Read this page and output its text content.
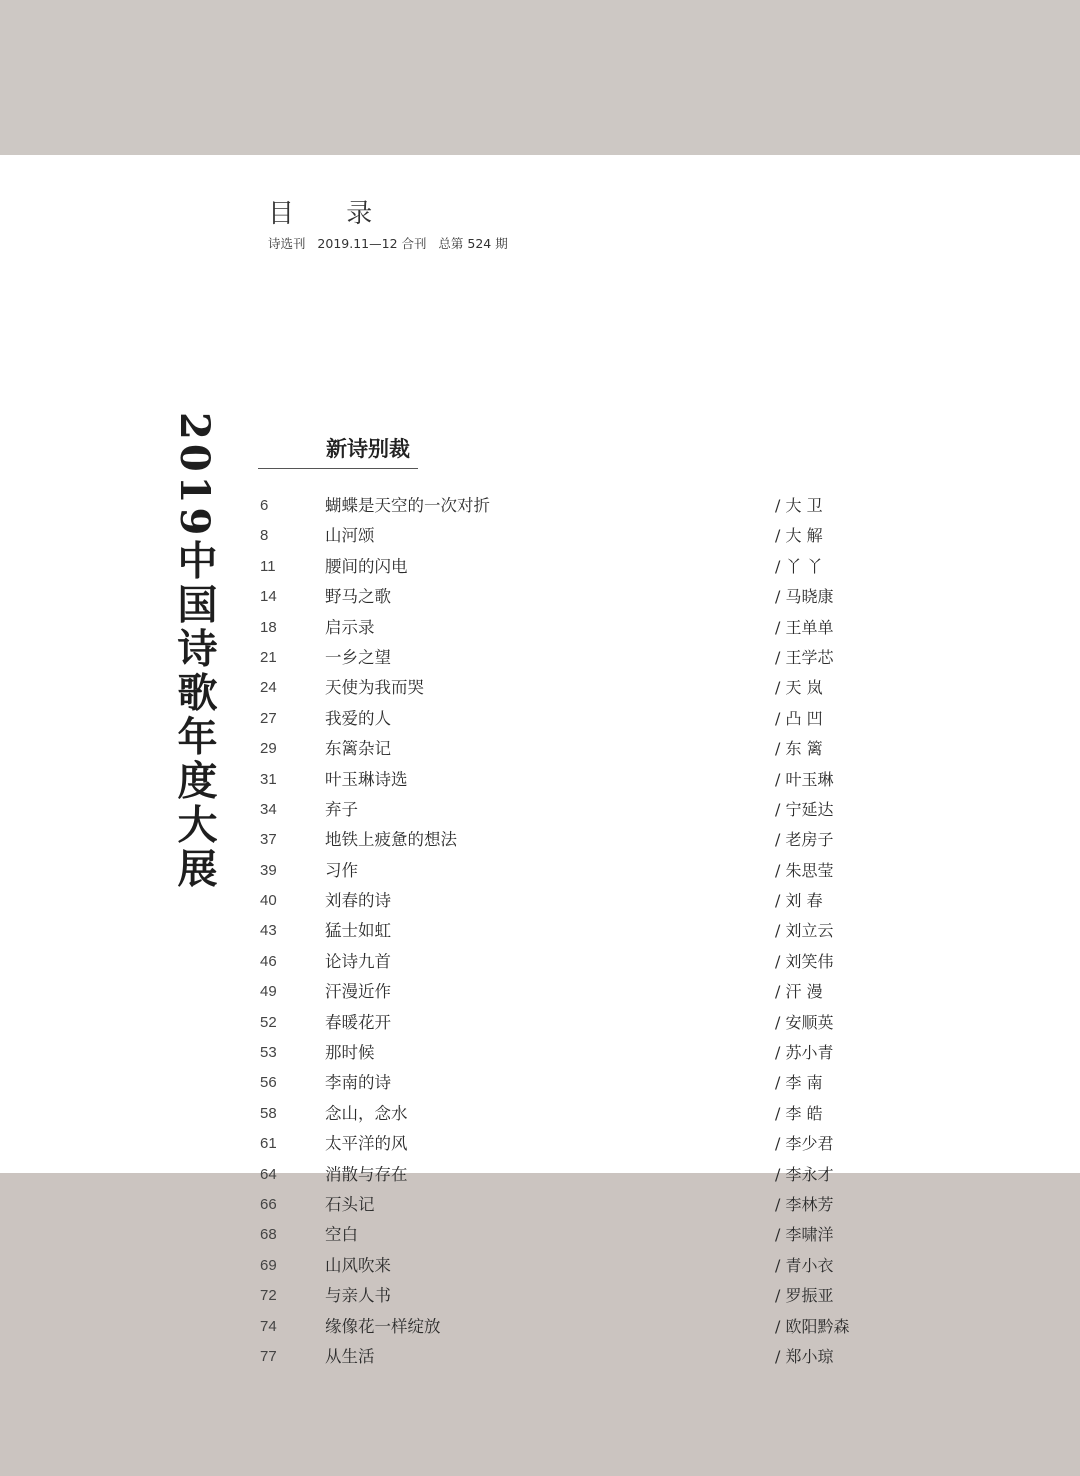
目 录
诗选刊   2019.11—12 合刊   总第 524 期
2019中国诗歌年度大展
新诗别裁
6	蝴蝶是天空的一次对折	/ 大 卫
8	山河颂	/ 大 解
11	腰间的闪电	/ 丫 丫
14	野马之歌	/ 马晓康
18	启示录	/ 王单单
21	一乡之望	/ 王学芯
24	天使为我而哭	/ 天 岚
27	我爱的人	/ 凸 凹
29	东篱杂记	/ 东 篱
31	叶玉琳诗选	/ 叶玉琳
34	弃子	/ 宁延达
37	地铁上疲惫的想法	/ 老房子
39	习作	/ 朱思莹
40	刘春的诗	/ 刘 春
43	猛士如虹	/ 刘立云
46	论诗九首	/ 刘笑伟
49	汗漫近作	/ 汗 漫
52	春暖花开	/ 安顺英
53	那时候	/ 苏小青
56	李南的诗	/ 李 南
58	念山，念水	/ 李 皓
61	太平洋的风	/ 李少君
64	消散与存在	/ 李永才
66	石头记	/ 李林芳
68	空白	/ 李啸洋
69	山风吹来	/ 青小衣
72	与亲人书	/ 罗振亚
74	缘像花一样绽放	/ 欧阳黔森
77	从生活	/ 郑小琼
